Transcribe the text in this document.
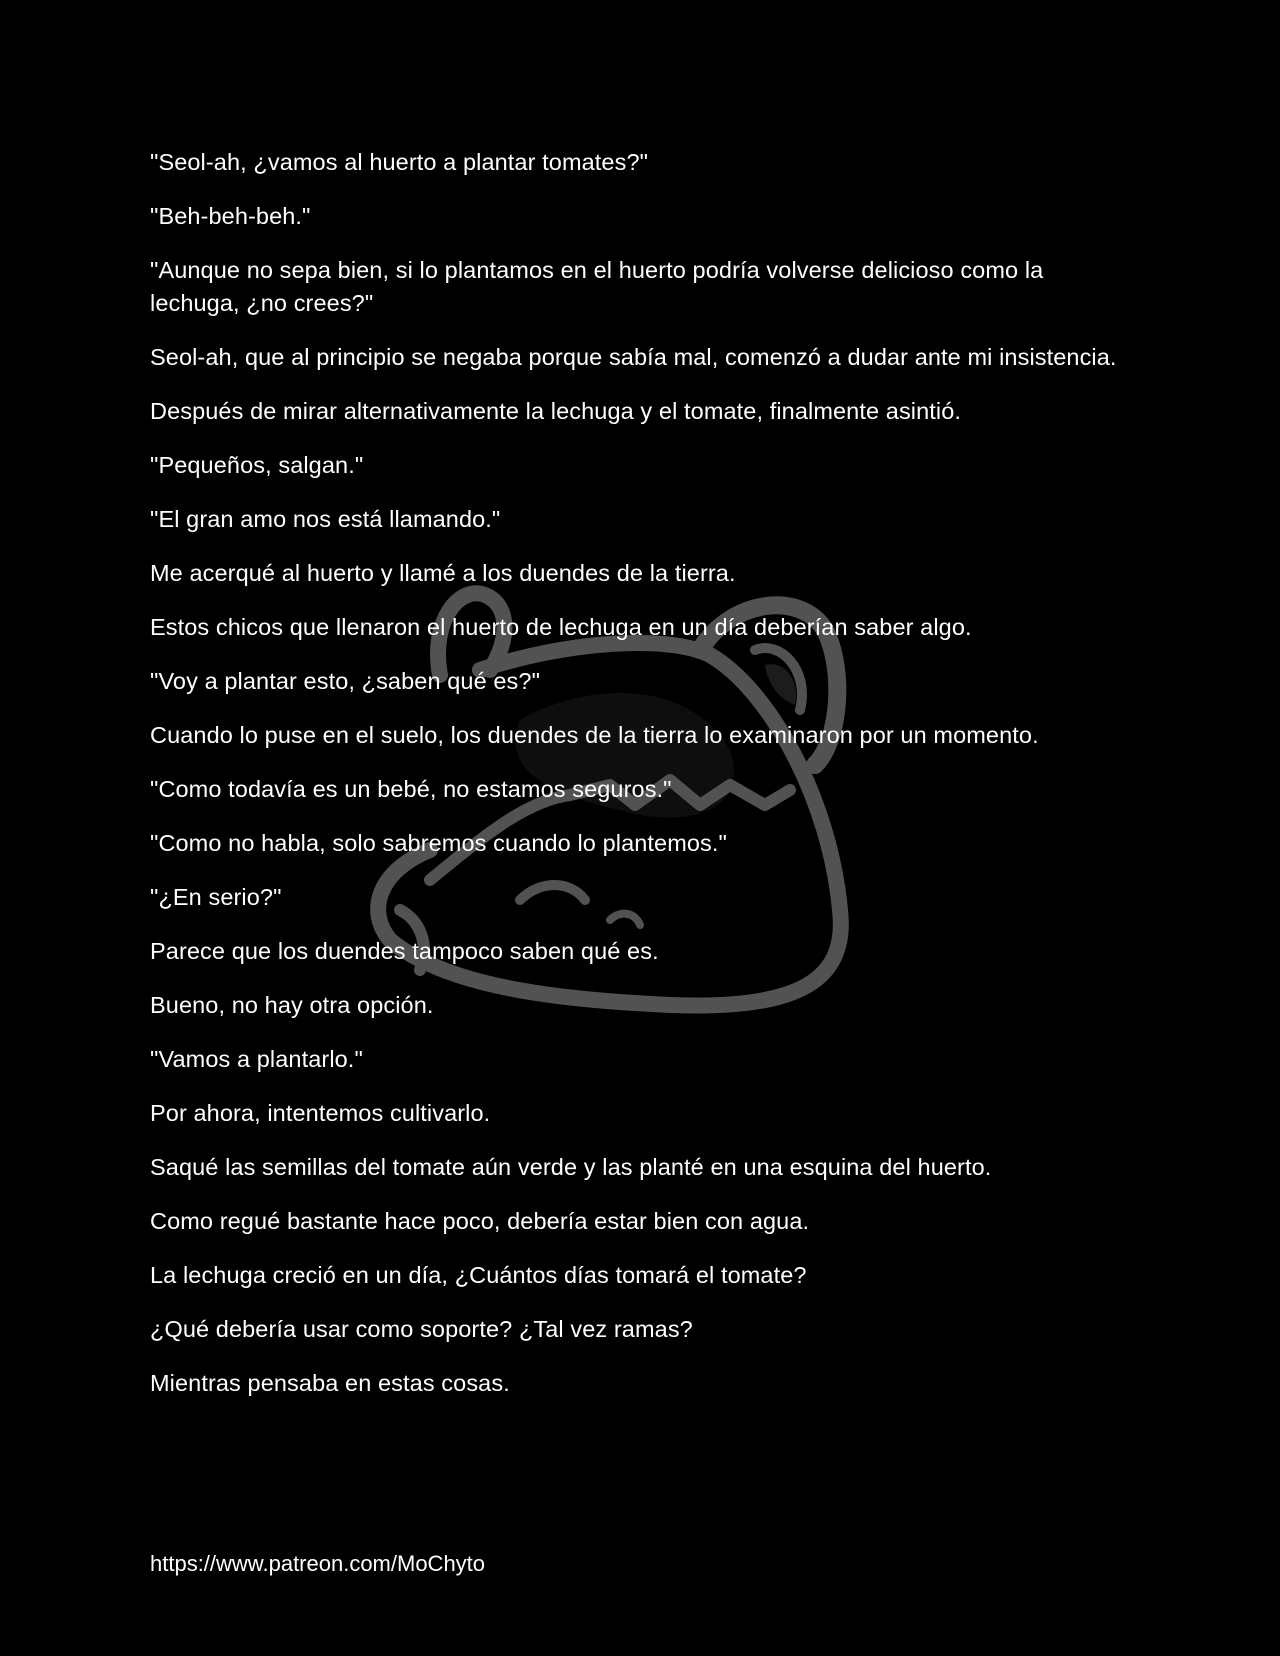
"Seol-ah, ¿vamos al huerto a plantar tomates?"

"Beh-beh-beh."

"Aunque no sepa bien, si lo plantamos en el huerto podría volverse delicioso como la lechuga, ¿no crees?"

Seol-ah, que al principio se negaba porque sabía mal, comenzó a dudar ante mi insistencia.

Después de mirar alternativamente la lechuga y el tomate, finalmente asintió.

"Pequeños, salgan."

"El gran amo nos está llamando."

Me acerqué al huerto y llamé a los duendes de la tierra.

Estos chicos que llenaron el huerto de lechuga en un día deberían saber algo.

"Voy a plantar esto, ¿saben qué es?"

Cuando lo puse en el suelo, los duendes de la tierra lo examinaron por un momento.

"Como todavía es un bebé, no estamos seguros."

"Como no habla, solo sabremos cuando lo plantemos."

"¿En serio?"

Parece que los duendes tampoco saben qué es.

Bueno, no hay otra opción.

"Vamos a plantarlo."

Por ahora, intentemos cultivarlo.

Saqué las semillas del tomate aún verde y las planté en una esquina del huerto.

Como regué bastante hace poco, debería estar bien con agua.

La lechuga creció en un día, ¿Cuántos días tomará el tomate?

¿Qué debería usar como soporte? ¿Tal vez ramas?

Mientras pensaba en estas cosas.

https://www.patreon.com/MoChyto
